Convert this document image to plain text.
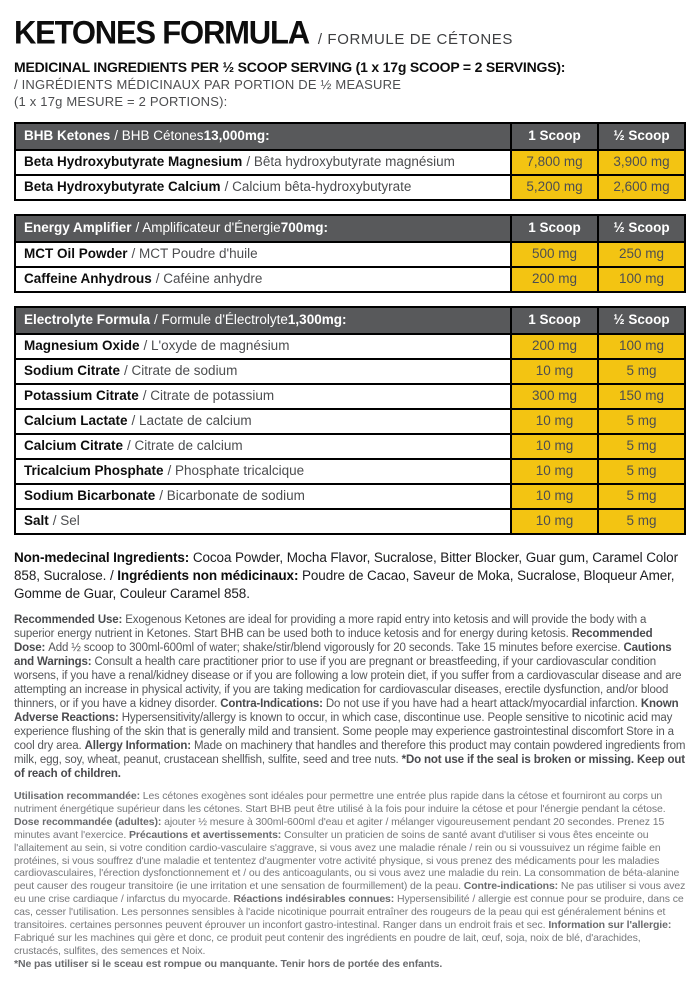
KETONES FORMULA / FORMULE DE CÉTONES
MEDICINAL INGREDIENTS PER ½ SCOOP SERVING (1 x 17g SCOOP = 2 SERVINGS):
/ INGRÉDIENTS MÉDICINAUX PAR PORTION DE ½ MEASURE
(1 x 17g MESURE = 2 PORTIONS):
BHB Ketones / BHB Cétones 13,000mg:	1 Scoop	½ Scoop
Beta Hydroxybutyrate Magnesium / Bêta hydroxybutyrate magnésium	7,800 mg	3,900 mg
Beta Hydroxybutyrate Calcium / Calcium bêta-hydroxybutyrate	5,200 mg	2,600 mg
Energy Amplifier / Amplificateur d'Énergie 700mg:	1 Scoop	½ Scoop
MCT Oil Powder / MCT Poudre d'huile	500 mg	250 mg
Caffeine Anhydrous / Caféine anhydre	200 mg	100 mg
Electrolyte Formula / Formule d'Électrolyte 1,300mg:	1 Scoop	½ Scoop
Magnesium Oxide / L'oxyde de magnésium	200 mg	100 mg
Sodium Citrate / Citrate de sodium	10 mg	5 mg
Potassium Citrate / Citrate de potassium	300 mg	150 mg
Calcium Lactate / Lactate de calcium	10 mg	5 mg
Calcium Citrate / Citrate de calcium	10 mg	5 mg
Tricalcium Phosphate / Phosphate tricalcique	10 mg	5 mg
Sodium Bicarbonate / Bicarbonate de sodium	10 mg	5 mg
Salt / Sel	10 mg	5 mg
Non-medecinal Ingredients: Cocoa Powder, Mocha Flavor, Sucralose, Bitter Blocker, Guar gum, Caramel Color 858, Sucralose. / Ingrédients non médicinaux: Poudre de Cacao, Saveur de Moka, Sucralose, Bloqueur Amer, Gomme de Guar, Couleur Caramel 858.
Recommended Use: Exogenous Ketones are ideal for providing a more rapid entry into ketosis and will provide the body with a superior energy nutrient in Ketones. Start BHB can be used both to induce ketosis and for energy during ketosis. Recommended Dose: Add ½ scoop to 300ml-600ml of water; shake/stir/blend vigorously for 20 seconds. Take 15 minutes before exercise. Cautions and Warnings: Consult a health care practitioner prior to use if you are pregnant or breastfeeding, if your cardiovascular condition worsens, if you have a renal/kidney disease or if you are following a low protein diet, if you suffer from a cardiovascular disease and are attempting an increase in physical activity, if you are taking medication for cardiovascular diseases, erectile dysfunction, and/or blood thinners, or if you have a kidney disorder. Contra-Indications: Do not use if you have had a heart attack/myocardial infarction. Known Adverse Reactions: Hypersensitivity/allergy is known to occur, in which case, discontinue use. People sensitive to nicotinic acid may experience flushing of the skin that is generally mild and transient. Some people may experience gastrointestinal discomfort Store in a cool dry area. Allergy Information: Made on machinery that handles and therefore this product may contain powdered ingredients from milk, egg, soy, wheat, peanut, crustacean shellfish, sulfite, seed and tree nuts. *Do not use if the seal is broken or missing. Keep out of reach of children.
Utilisation recommandée: Les cétones exogènes sont idéales pour permettre une entrée plus rapide dans la cétose et fourniront au corps un nutriment énergétique supérieur dans les cétones. Start BHB peut être utilisé à la fois pour induire la cétose et pour l'énergie pendant la cétose. Dose recommandée (adultes): ajouter ½ mesure à 300ml-600ml d'eau et agiter / mélanger vigoureusement pendant 20 secondes. Prenez 15 minutes avant l'exercice. Précautions et avertissements: Consulter un praticien de soins de santé avant d'utiliser si vous êtes enceinte ou l'allaitement au sein, si votre condition cardio-vasculaire s'aggrave, si vous avez une maladie rénale / rein ou si voussuivez un régime faible en protéines, si vous souffrez d'une maladie et tententez d'augmenter votre activité physique, si vous prenez des médicaments pour les maladies cardiovasculaires, l'érection dysfonctionnement et / ou des anticoagulants, ou si vous avez une maladie du rein. La consommation de béta-alanine peut causer des rougeur transitoire (ie une irritation et une sensation de fourmillement) de la peau. Contre-indications: Ne pas utiliser si vous avez eu une crise cardiaque / infarctus du myocarde. Réactions indésirables connues: Hypersensibilité / allergie est connue pour se produire, dans ce cas, cesser l'utilisation. Les personnes sensibles à l'acide nicotinique pourrait entraîner des rougeurs de la peau qui est généralement bénins et transitoires. certaines personnes peuvent éprouver un inconfort gastro-intestinal. Ranger dans un endroit frais et sec. Information sur l'allergie: Fabriqué sur les machines qui gère et donc, ce produit peut contenir des ingrédients en poudre de lait, œuf, soja, noix de blé, d'arachides, crustacés, sulfites, des semences et Noix.
*Ne pas utiliser si le sceau est rompue ou manquante. Tenir hors de portée des enfants.
